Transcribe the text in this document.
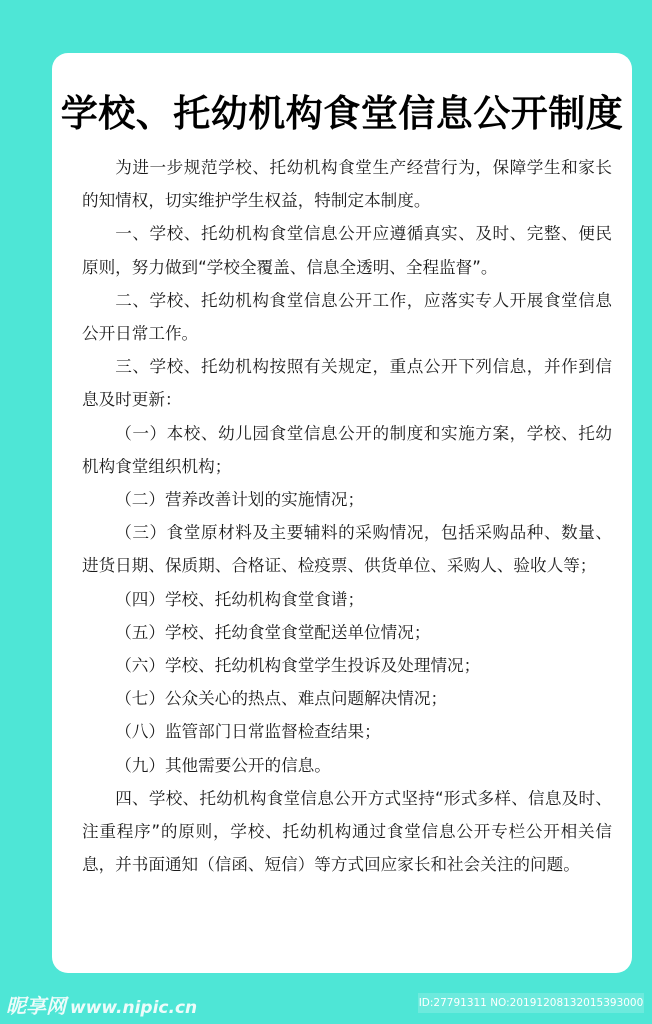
学校、托幼机构食堂信息公开制度

为进一步规范学校、托幼机构食堂生产经营行为，保障学生和家长的知情权，切实维护学生权益，特制定本制度。

一、学校、托幼机构食堂信息公开应遵循真实、及时、完整、便民原则，努力做到“学校全覆盖、信息全透明、全程监督”。

二、学校、托幼机构食堂信息公开工作，应落实专人开展食堂信息公开日常工作。

三、学校、托幼机构按照有关规定，重点公开下列信息，并作到信息及时更新：

（一）本校、幼儿园食堂信息公开的制度和实施方案，学校、托幼机构食堂组织机构；

（二）营养改善计划的实施情况；

（三）食堂原材料及主要辅料的采购情况，包括采购品种、数量、进货日期、保质期、合格证、检疫票、供货单位、采购人、验收人等；

（四）学校、托幼机构食堂食谱；

（五）学校、托幼食堂食堂配送单位情况；

（六）学校、托幼机构食堂学生投诉及处理情况；

（七）公众关心的热点、难点问题解决情况；

（八）监管部门日常监督检查结果；

（九）其他需要公开的信息。

四、学校、托幼机构食堂信息公开方式坚持“形式多样、信息及时、注重程序”的原则，学校、托幼机构通过食堂信息公开专栏公开相关信息，并书面通知（信函、短信）等方式回应家长和社会关注的问题。

昵享网 www.nipic.cn	ID:27791311 NO:20191208132015393000
